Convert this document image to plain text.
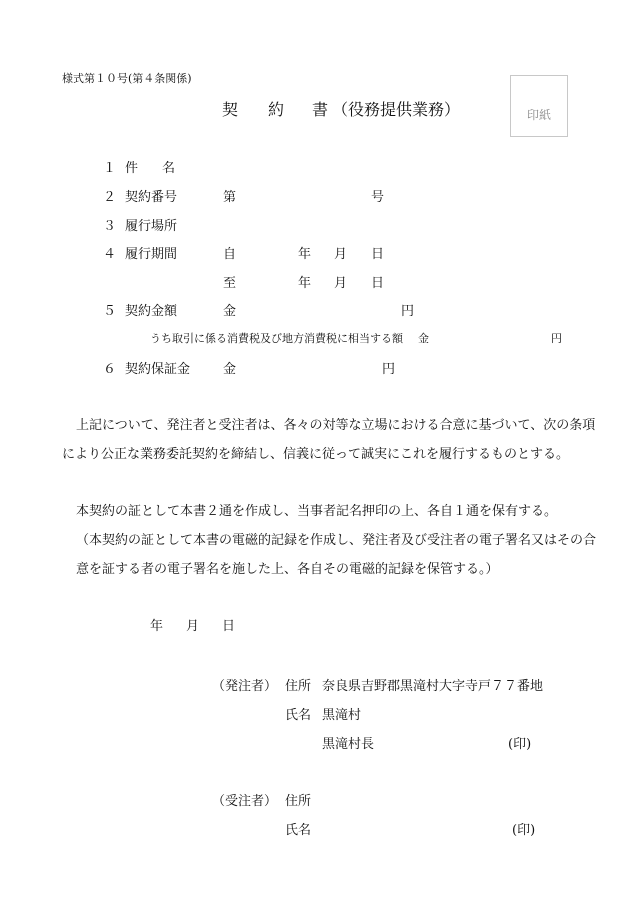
様式第１０号(第４条関係)
契 約 書 （役務提供業務）	印紙
１ 件 名
２ 契約番号	第	号
３ 履行場所
４ 履行期間	自	年 月 日
至	年 月 日
５ 契約金額	金	円
うち取引に係る消費税及び地方消費税に相当する額 金	円
６ 契約保証金	金	円
上記について、発注者と受注者は、各々の対等な立場における合意に基づいて、次の条項
により公正な業務委託契約を締結し、信義に従って誠実にこれを履行するものとする。
本契約の証として本書２通を作成し、当事者記名押印の上、各自１通を保有する。
（本契約の証として本書の電磁的記録を作成し、発注者及び受注者の電子署名又はその合
意を証する者の電子署名を施した上、各自その電磁的記録を保管する。）
年 月 日
（発注者） 住所 奈良県吉野郡黒滝村大字寺戸７７番地
氏名 黒滝村
黒滝村長	(印)
（受注者） 住所
氏名	(印)
